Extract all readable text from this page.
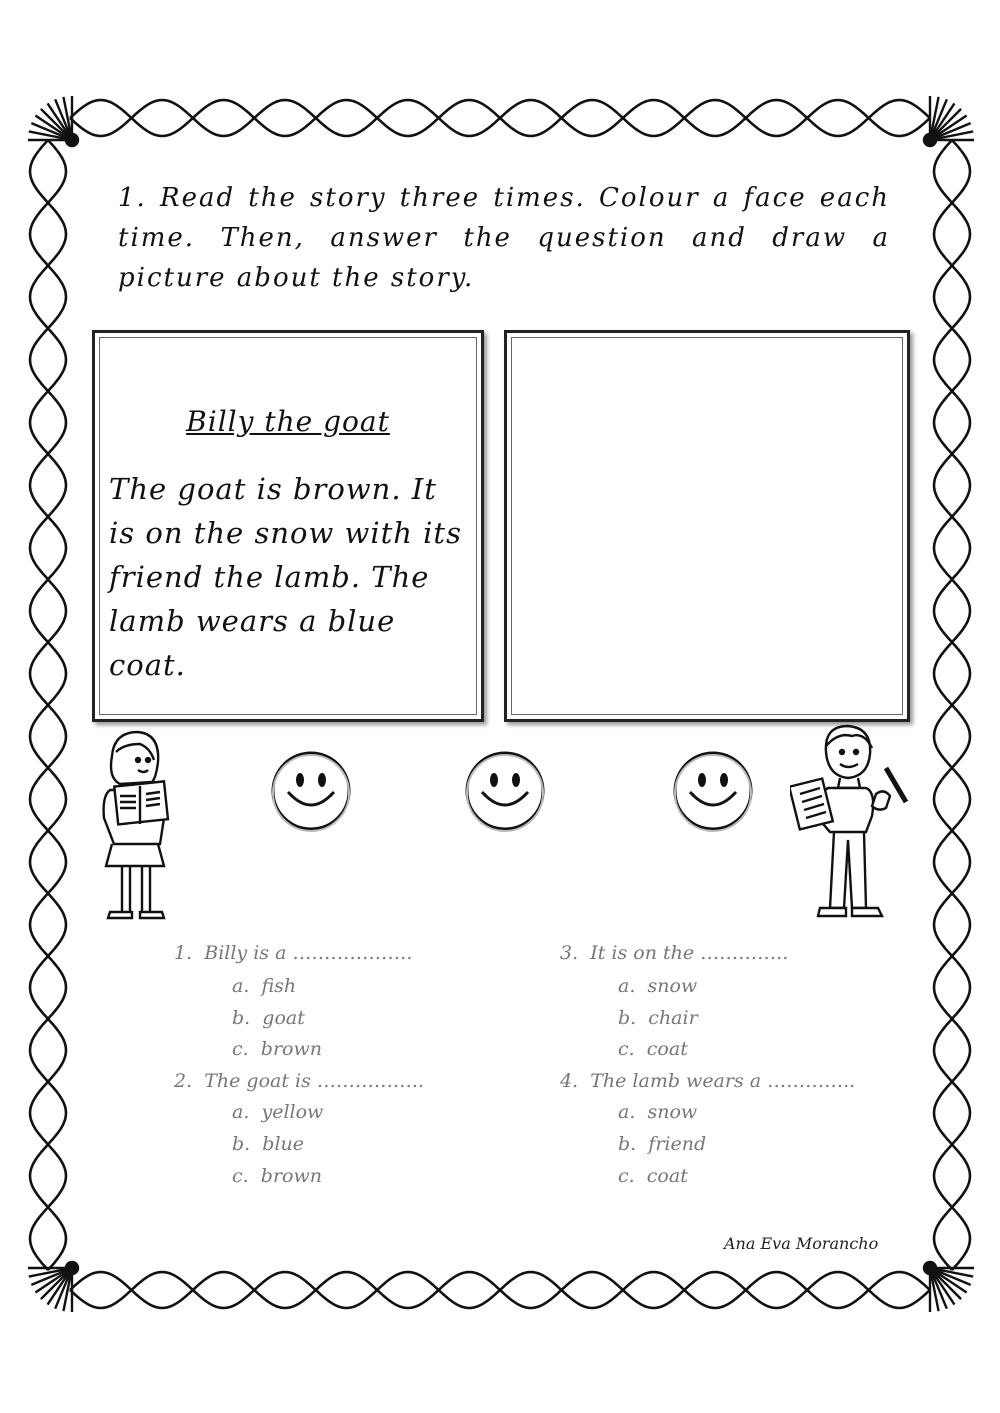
1. Read the story three times. Colour a face each time. Then, answer the question and draw a picture about the story.
Billy the goat
The goat is brown. It is on the snow with its friend the lamb. The lamb wears a blue coat.
1. Billy is a ……………….
a. fish
b. goat
c. brown
2. The goat is ……………..
a. yellow
b. blue
c. brown
3. It is on the …………..
a. snow
b. chair
c. coat
4. The lamb wears a …………..
a. snow
b. friend
c. coat
Ana Eva Morancho
